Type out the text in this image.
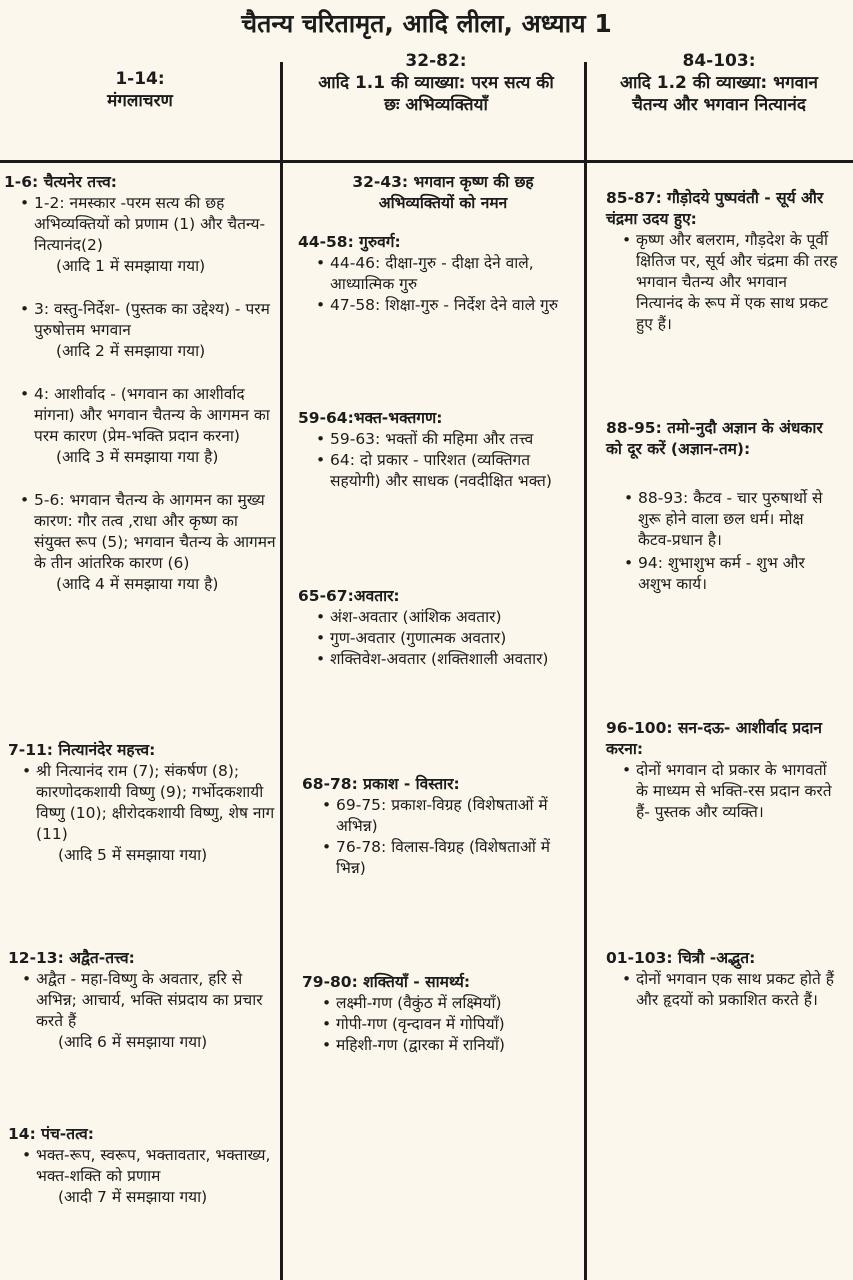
चैतन्य चरितामृत, आदि लीला, अध्याय 1
1-14:
मंगलाचरण
32-82:
आदि 1.1 की व्याख्या: परम सत्य की छः अभिव्यक्तियाँ
84-103:
आदि 1.2 की व्याख्या: भगवान चैतन्य और भगवान नित्यानंद
1-6: चैत्यनेर तत्त्व:
• 1-2: नमस्कार -परम सत्य की छह अभिव्यक्तियों को प्रणाम (1) और चैतन्य-नित्यानंद(2)
(आदि 1 में समझाया गया)
• 3: वस्तु-निर्देश- (पुस्तक का उद्देश्य) - परम पुरुषोत्तम भगवान
(आदि 2 में समझाया गया)
• 4: आशीर्वाद - (भगवान का आशीर्वाद मांगना) और भगवान चैतन्य के आगमन का परम कारण (प्रेम-भक्ति प्रदान करना)
(आदि 3 में समझाया गया है)
• 5-6: भगवान चैतन्य के आगमन का मुख्य कारण: गौर तत्व ,राधा और कृष्ण का संयुक्त रूप (5); भगवान चैतन्य के आगमन के तीन आंतरिक कारण (6)
(आदि 4 में समझाया गया है)
7-11: नित्यानंदेर महत्त्व:
• श्री नित्यानंद राम (7); संकर्षण (8); कारणोदकशायी विष्णु (9); गर्भोदकशायी विष्णु (10); क्षीरोदकशायी विष्णु, शेष नाग (11)
(आदि 5 में समझाया गया)
12-13: अद्वैत-तत्त्व:
• अद्वैत - महा-विष्णु के अवतार, हरि से अभिन्न; आचार्य, भक्ति संप्रदाय का प्रचार करते हैं
(आदि 6 में समझाया गया)
14: पंच-तत्व:
• भक्त-रूप, स्वरूप, भक्तावतार, भक्ताख्य, भक्त-शक्ति को प्रणाम
(आदी 7 में समझाया गया)
32-43: भगवान कृष्ण की छह अभिव्यक्तियों को नमन
44-58: गुरुवर्ग:
• 44-46: दीक्षा-गुरु - दीक्षा देने वाले, आध्यात्मिक गुरु
• 47-58: शिक्षा-गुरु - निर्देश देने वाले गुरु
59-64:भक्त-भक्तगण:
• 59-63: भक्तों की महिमा और तत्त्व
• 64: दो प्रकार - पारिशत (व्यक्तिगत सहयोगी) और साधक (नवदीक्षित भक्त)
65-67:अवतार:
• अंश-अवतार (आंशिक अवतार)
• गुण-अवतार (गुणात्मक अवतार)
• शक्तिवेश-अवतार (शक्तिशाली अवतार)
68-78: प्रकाश - विस्तार:
• 69-75: प्रकाश-विग्रह (विशेषताओं में अभिन्न)
• 76-78: विलास-विग्रह (विशेषताओं में भिन्न)
79-80: शक्तियाँ - सामर्थ्य:
• लक्ष्मी-गण (वैकुंठ में लक्ष्मियाँ)
• गोपी-गण (वृन्दावन में गोपियाँ)
• महिशी-गण (द्वारका में रानियाँ)
85-87: गौड़ोदये पुष्पवंतौ - सूर्य और चंद्रमा उदय हुए:
• कृष्ण और बलराम, गौड़देश के पूर्वी क्षितिज पर, सूर्य और चंद्रमा की तरह भगवान चैतन्य और भगवान नित्यानंद के रूप में एक साथ प्रकट हुए हैं।
88-95: तमो-नुदौ अज्ञान के अंधकार को दूर करें (अज्ञान-तम):
• 88-93: कैटव - चार पुरुषार्थो से शुरू होने वाला छल धर्म। मोक्ष कैटव-प्रधान है।
• 94: शुभाशुभ कर्म - शुभ और अशुभ कार्य।
96-100: सन-दऊ- आशीर्वाद प्रदान करना:
• दोनों भगवान दो प्रकार के भागवतों के माध्यम से भक्ति-रस प्रदान करते हैं- पुस्तक और व्यक्ति।
01-103: चित्रौ -अद्भुत:
• दोनों भगवान एक साथ प्रकट होते हैं और हृदयों को प्रकाशित करते हैं।
